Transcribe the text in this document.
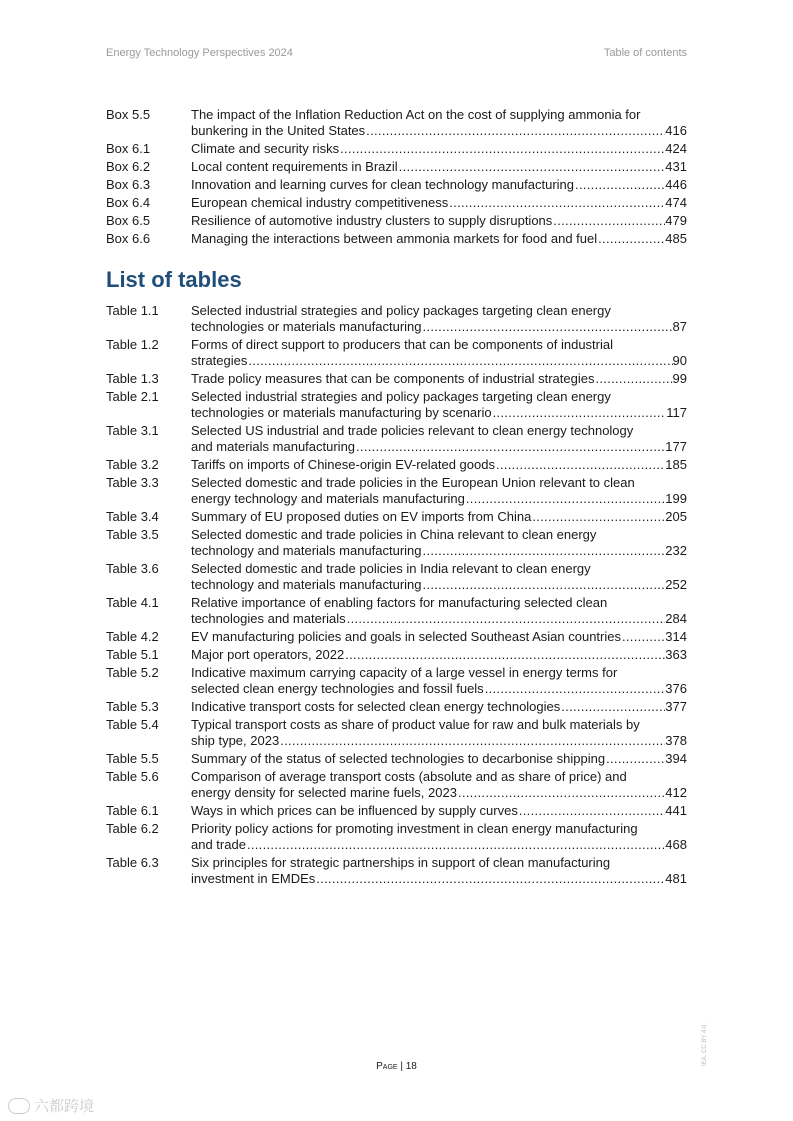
Energy Technology Perspectives 2024	Table of contents
Box 5.5	The impact of the Inflation Reduction Act on the cost of supplying ammonia for
bunkering in the United States .....	416
Box 6.1	Climate and security risks .....	424
Box 6.2	Local content requirements in Brazil .....	431
Box 6.3	Innovation and learning curves for clean technology manufacturing .....	446
Box 6.4	European chemical industry competitiveness .....	474
Box 6.5	Resilience of automotive industry clusters to supply disruptions .....	479
Box 6.6	Managing the interactions between ammonia markets for food and fuel .....	485
List of tables
Table 1.1	Selected industrial strategies and policy packages targeting clean energy
technologies or materials manufacturing .....	87
Table 1.2	Forms of direct support to producers that can be components of industrial
strategies .....	90
Table 1.3	Trade policy measures that can be components of industrial strategies .....	99
Table 2.1	Selected industrial strategies and policy packages targeting clean energy
technologies or materials manufacturing by scenario .....	117
Table 3.1	Selected US industrial and trade policies relevant to clean energy technology
and materials manufacturing .....	177
Table 3.2	Tariffs on imports of Chinese-origin EV-related goods .....	185
Table 3.3	Selected domestic and trade policies in the European Union relevant to clean
energy technology and materials manufacturing .....	199
Table 3.4	Summary of EU proposed duties on EV imports from China .....	205
Table 3.5	Selected domestic and trade policies in China relevant to clean energy
technology and materials manufacturing .....	232
Table 3.6	Selected domestic and trade policies in India relevant to clean energy
technology and materials manufacturing .....	252
Table 4.1	Relative importance of enabling factors for manufacturing selected clean
technologies and materials .....	284
Table 4.2	EV manufacturing policies and goals in selected Southeast Asian countries .....	314
Table 5.1	Major port operators, 2022 .....	363
Table 5.2	Indicative maximum carrying capacity of a large vessel in energy terms for
selected clean energy technologies and fossil fuels .....	376
Table 5.3	Indicative transport costs for selected clean energy technologies .....	377
Table 5.4	Typical transport costs as share of product value for raw and bulk materials by
ship type, 2023 .....	378
Table 5.5	Summary of the status of selected technologies to decarbonise shipping .....	394
Table 5.6	Comparison of average transport costs (absolute and as share of price) and
energy density for selected marine fuels, 2023 .....	412
Table 6.1	Ways in which prices can be influenced by supply curves .....	441
Table 6.2	Priority policy actions for promoting investment in clean energy manufacturing
and trade .....	468
Table 6.3	Six principles for strategic partnerships in support of clean manufacturing
investment in EMDEs .....	481
Page | 18
IEA. CC BY 4.0.
六都跨境
